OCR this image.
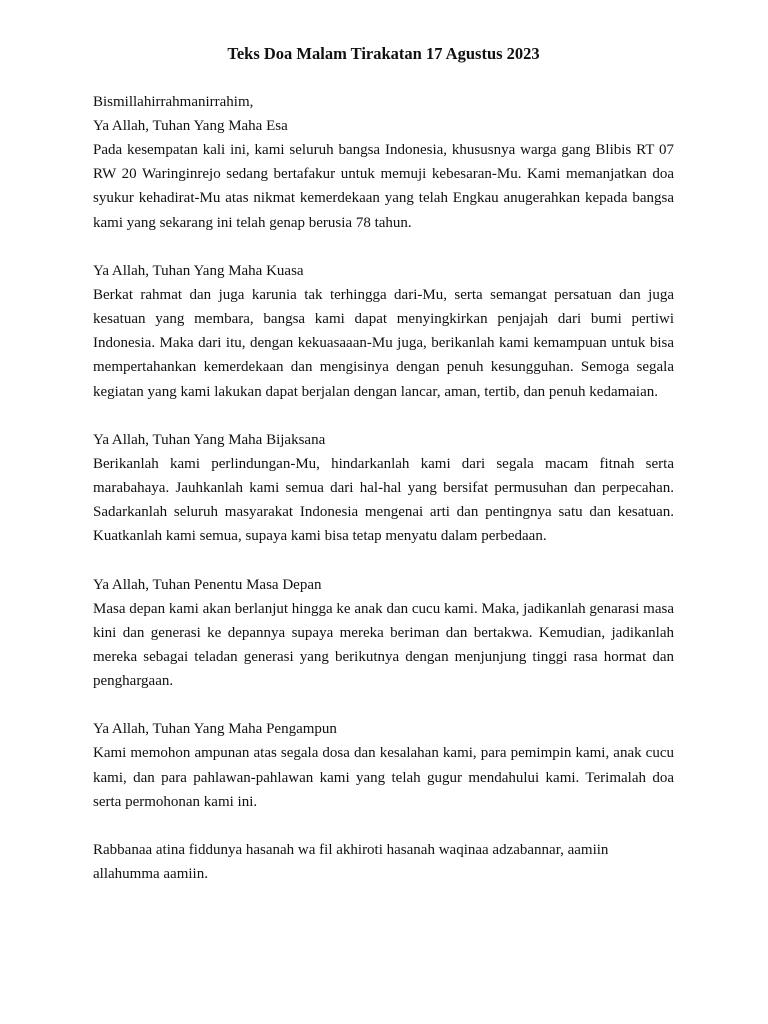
Teks Doa Malam Tirakatan 17 Agustus 2023
Bismillahirrahmanirrahim,
Ya Allah, Tuhan Yang Maha Esa

Pada kesempatan kali ini, kami seluruh bangsa Indonesia, khususnya warga gang Blibis RT 07 RW 20 Waringinrejo sedang bertafakur untuk memuji kebesaran-Mu. Kami memanjatkan doa syukur kehadirat-Mu atas nikmat kemerdekaan yang telah Engkau anugerahkan kepada bangsa kami yang sekarang ini telah genap berusia 78 tahun.

Ya Allah, Tuhan Yang Maha Kuasa

Berkat rahmat dan juga karunia tak terhingga dari-Mu, serta semangat persatuan dan juga kesatuan yang membara, bangsa kami dapat menyingkirkan penjajah dari bumi pertiwi Indonesia. Maka dari itu, dengan kekuasaaan-Mu juga, berikanlah kami kemampuan untuk bisa mempertahankan kemerdekaan dan mengisinya dengan penuh kesungguhan. Semoga segala kegiatan yang kami lakukan dapat berjalan dengan lancar, aman, tertib, dan penuh kedamaian.

Ya Allah, Tuhan Yang Maha Bijaksana

Berikanlah kami perlindungan-Mu, hindarkanlah kami dari segala macam fitnah serta marabahaya. Jauhkanlah kami semua dari hal-hal yang bersifat permusuhan dan perpecahan. Sadarkanlah seluruh masyarakat Indonesia mengenai arti dan pentingnya satu dan kesatuan. Kuatkanlah kami semua, supaya kami bisa tetap menyatu dalam perbedaan.

Ya Allah, Tuhan Penentu Masa Depan

Masa depan kami akan berlanjut hingga ke anak dan cucu kami. Maka, jadikanlah genarasi masa kini dan generasi ke depannya supaya mereka beriman dan bertakwa. Kemudian, jadikanlah mereka sebagai teladan generasi yang berikutnya dengan menjunjung tinggi rasa hormat dan penghargaan.

Ya Allah, Tuhan Yang Maha Pengampun

Kami memohon ampunan atas segala dosa dan kesalahan kami, para pemimpin kami, anak cucu kami, dan para pahlawan-pahlawan kami yang telah gugur mendahului kami. Terimalah doa serta permohonan kami ini.

Rabbanaa atina fiddunya hasanah wa fil akhiroti hasanah waqinaa adzabannar, aamiin
allahumma aamiin.
